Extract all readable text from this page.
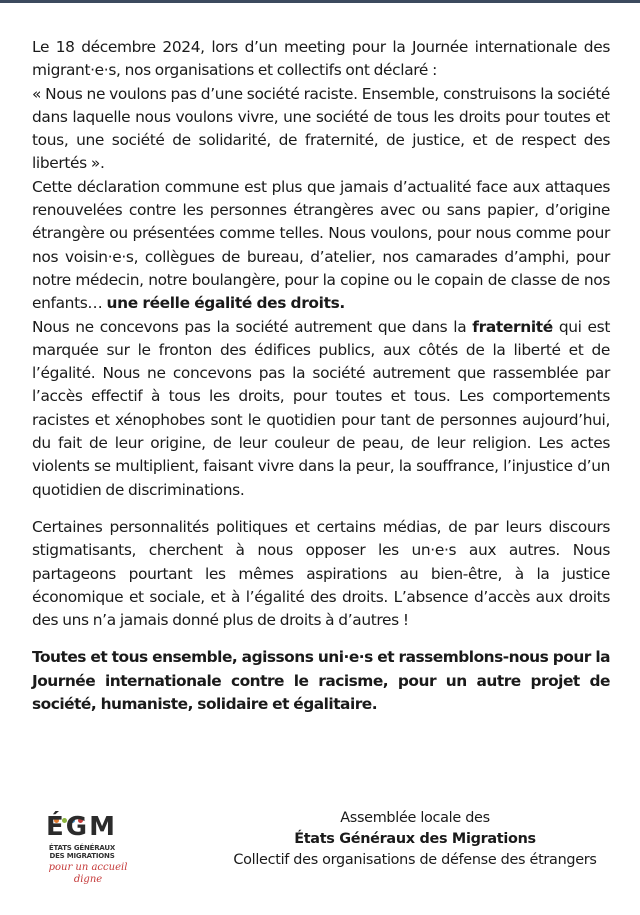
Le 18 décembre 2024, lors d’un meeting pour la Journée internationale des migrant·e·s, nos organisations et collectifs ont déclaré :

« Nous ne voulons pas d’une société raciste. Ensemble, construisons la société dans laquelle nous voulons vivre, une société de tous les droits pour toutes et tous, une société de solidarité, de fraternité, de justice, et de respect des libertés ».

Cette déclaration commune est plus que jamais d’actualité face aux attaques renouvelées contre les personnes étrangères avec ou sans papier, d’origine étrangère ou présentées comme telles. Nous voulons, pour nous comme pour nos voisin·e·s, collègues de bureau, d’atelier, nos camarades d’amphi, pour notre médecin, notre boulangère, pour la copine ou le copain de classe de nos enfants… une réelle égalité des droits.

Nous ne concevons pas la société autrement que dans la fraternité qui est marquée sur le fronton des édifices publics, aux côtés de la liberté et de l’égalité. Nous ne concevons pas la société autrement que rassemblée par l’accès effectif à tous les droits, pour toutes et tous. Les comportements racistes et xénophobes sont le quotidien pour tant de personnes aujourd’hui, du fait de leur origine, de leur couleur de peau, de leur religion. Les actes violents se multiplient, faisant vivre dans la peur, la souffrance, l’injustice d’un quotidien de discriminations.

Certaines personnalités politiques et certains médias, de par leurs discours stigmatisants, cherchent à nous opposer les un·e·s aux autres. Nous partageons pourtant les mêmes aspirations au bien-être, à la justice économique et sociale, et à l’égalité des droits. L’absence d’accès aux droits des uns n’a jamais donné plus de droits à d’autres !

Toutes et tous ensemble, agissons uni·e·s et rassemblons-nous pour la Journée internationale contre le racisme, pour un autre projet de société, humaniste, solidaire et égalitaire.

ÉGM
ÉTATS GÉNÉRAUX
DES MIGRATIONS
pour un accueil digne
Assemblée locale des
États Généraux des Migrations
Collectif des organisations de défense des étrangers
